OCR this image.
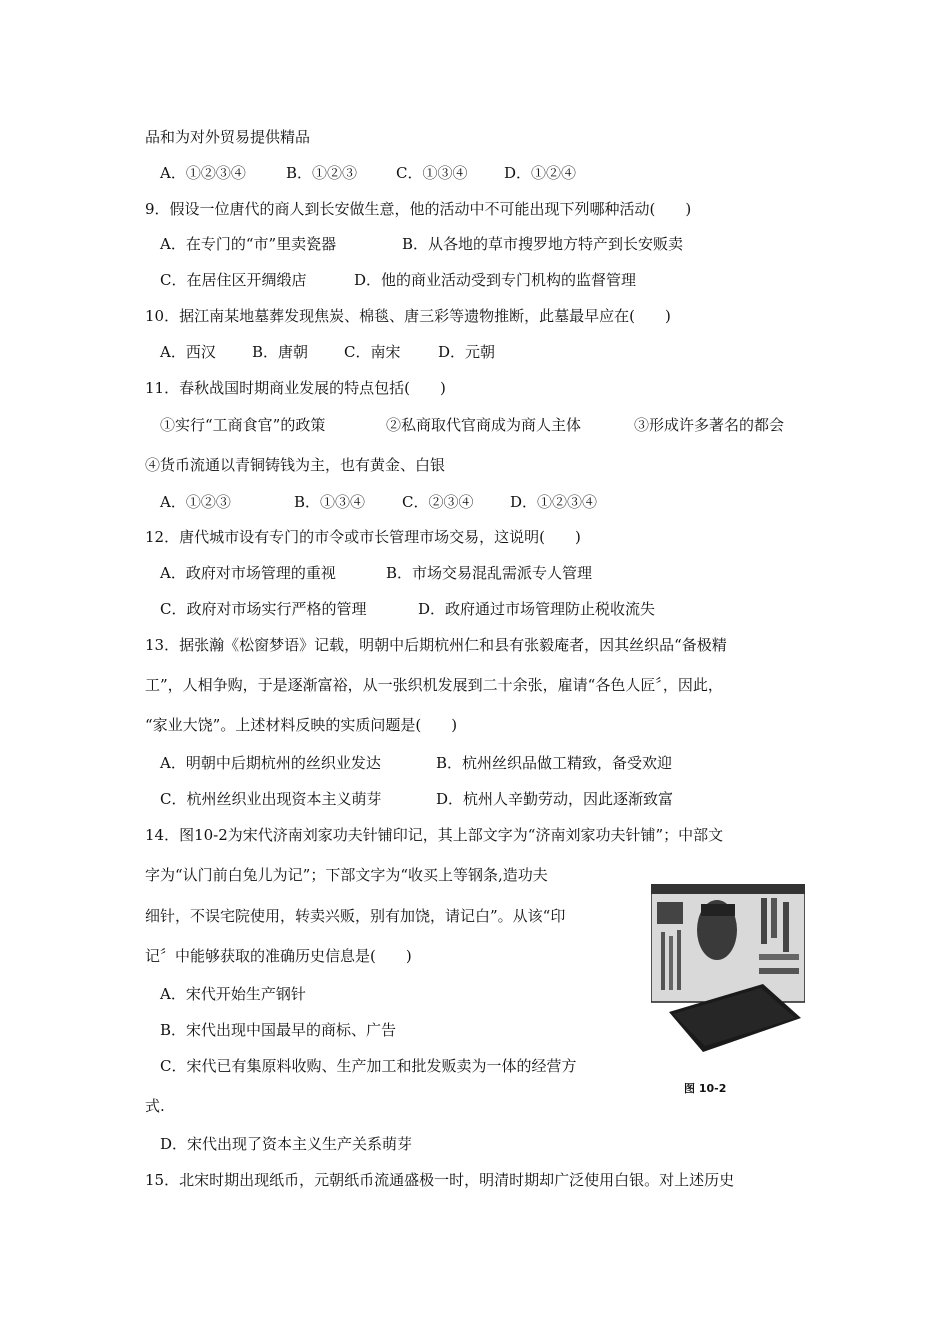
品和为对外贸易提供精品

A．①②③④

	B．①②③

	C．①③④

D．①②④

9．假设一位唐代的商人到长安做生意，他的活动中不可能出现下列哪种活动(　　)

A．在专门的“市”里卖瓷器

	B．从各地的草市搜罗地方特产到长安贩卖

C．在居住区开绸缎店

	D．他的商业活动受到专门机构的监督管理

10．据江南某地墓葬发现焦炭、棉毯、唐三彩等遗物推断，此墓最早应在(　　)

A．西汉

B．唐朝

C．南宋

	D．元朝

11．春秋战国时期商业发展的特点包括(　　)

①实行“工商食官”的政策

	②私商取代官商成为商人主体

	③形成许多著名的都会

④货币流通以青铜铸钱为主，也有黄金、白银

A．①②③

	B．①③④

C．②③④

D．①②③④

12．唐代城市设有专门的市令或市长管理市场交易，这说明(　　)

A．政府对市场管理的重视

	B．市场交易混乱需派专人管理

C．政府对市场实行严格的管理

	D．政府通过市场管理防止税收流失

13．据张瀚《松窗梦语》记载，明朝中后期杭州仁和县有张毅庵者，因其丝织品“备极精
工”，人相争购，于是逐渐富裕，从一张织机发展到二十余张，雇请“各色人匠〞，因此，
“家业大饶”。上述材料反映的实质问题是(　　)

A．明朝中后期杭州的丝织业发达

	B．杭州丝织品做工精致，备受欢迎

C．杭州丝织业出现资本主义萌芽

	D．杭州人辛勤劳动，因此逐渐致富

14．图10-2为宋代济南刘家功夫针铺印记，其上部文字为“济南刘家功夫针铺”；中部文
字为“认门前白兔儿为记”；下部文字为“收买上等钢条,造功夫
细针，不误宅院使用，转卖兴贩，别有加饶，请记白”。从该“印
记〞中能够获取的准确历史信息是(　　)
A．宋代开始生产钢针
B．宋代出现中国最早的商标、广告
C．宋代已有集原料收购、生产加工和批发贩卖为一体的经营方
式.
D．宋代出现了资本主义生产关系萌芽
图 10-2
15．北宋时期出现纸币，元朝纸币流通盛极一时，明清时期却广泛使用白银。对上述历史
